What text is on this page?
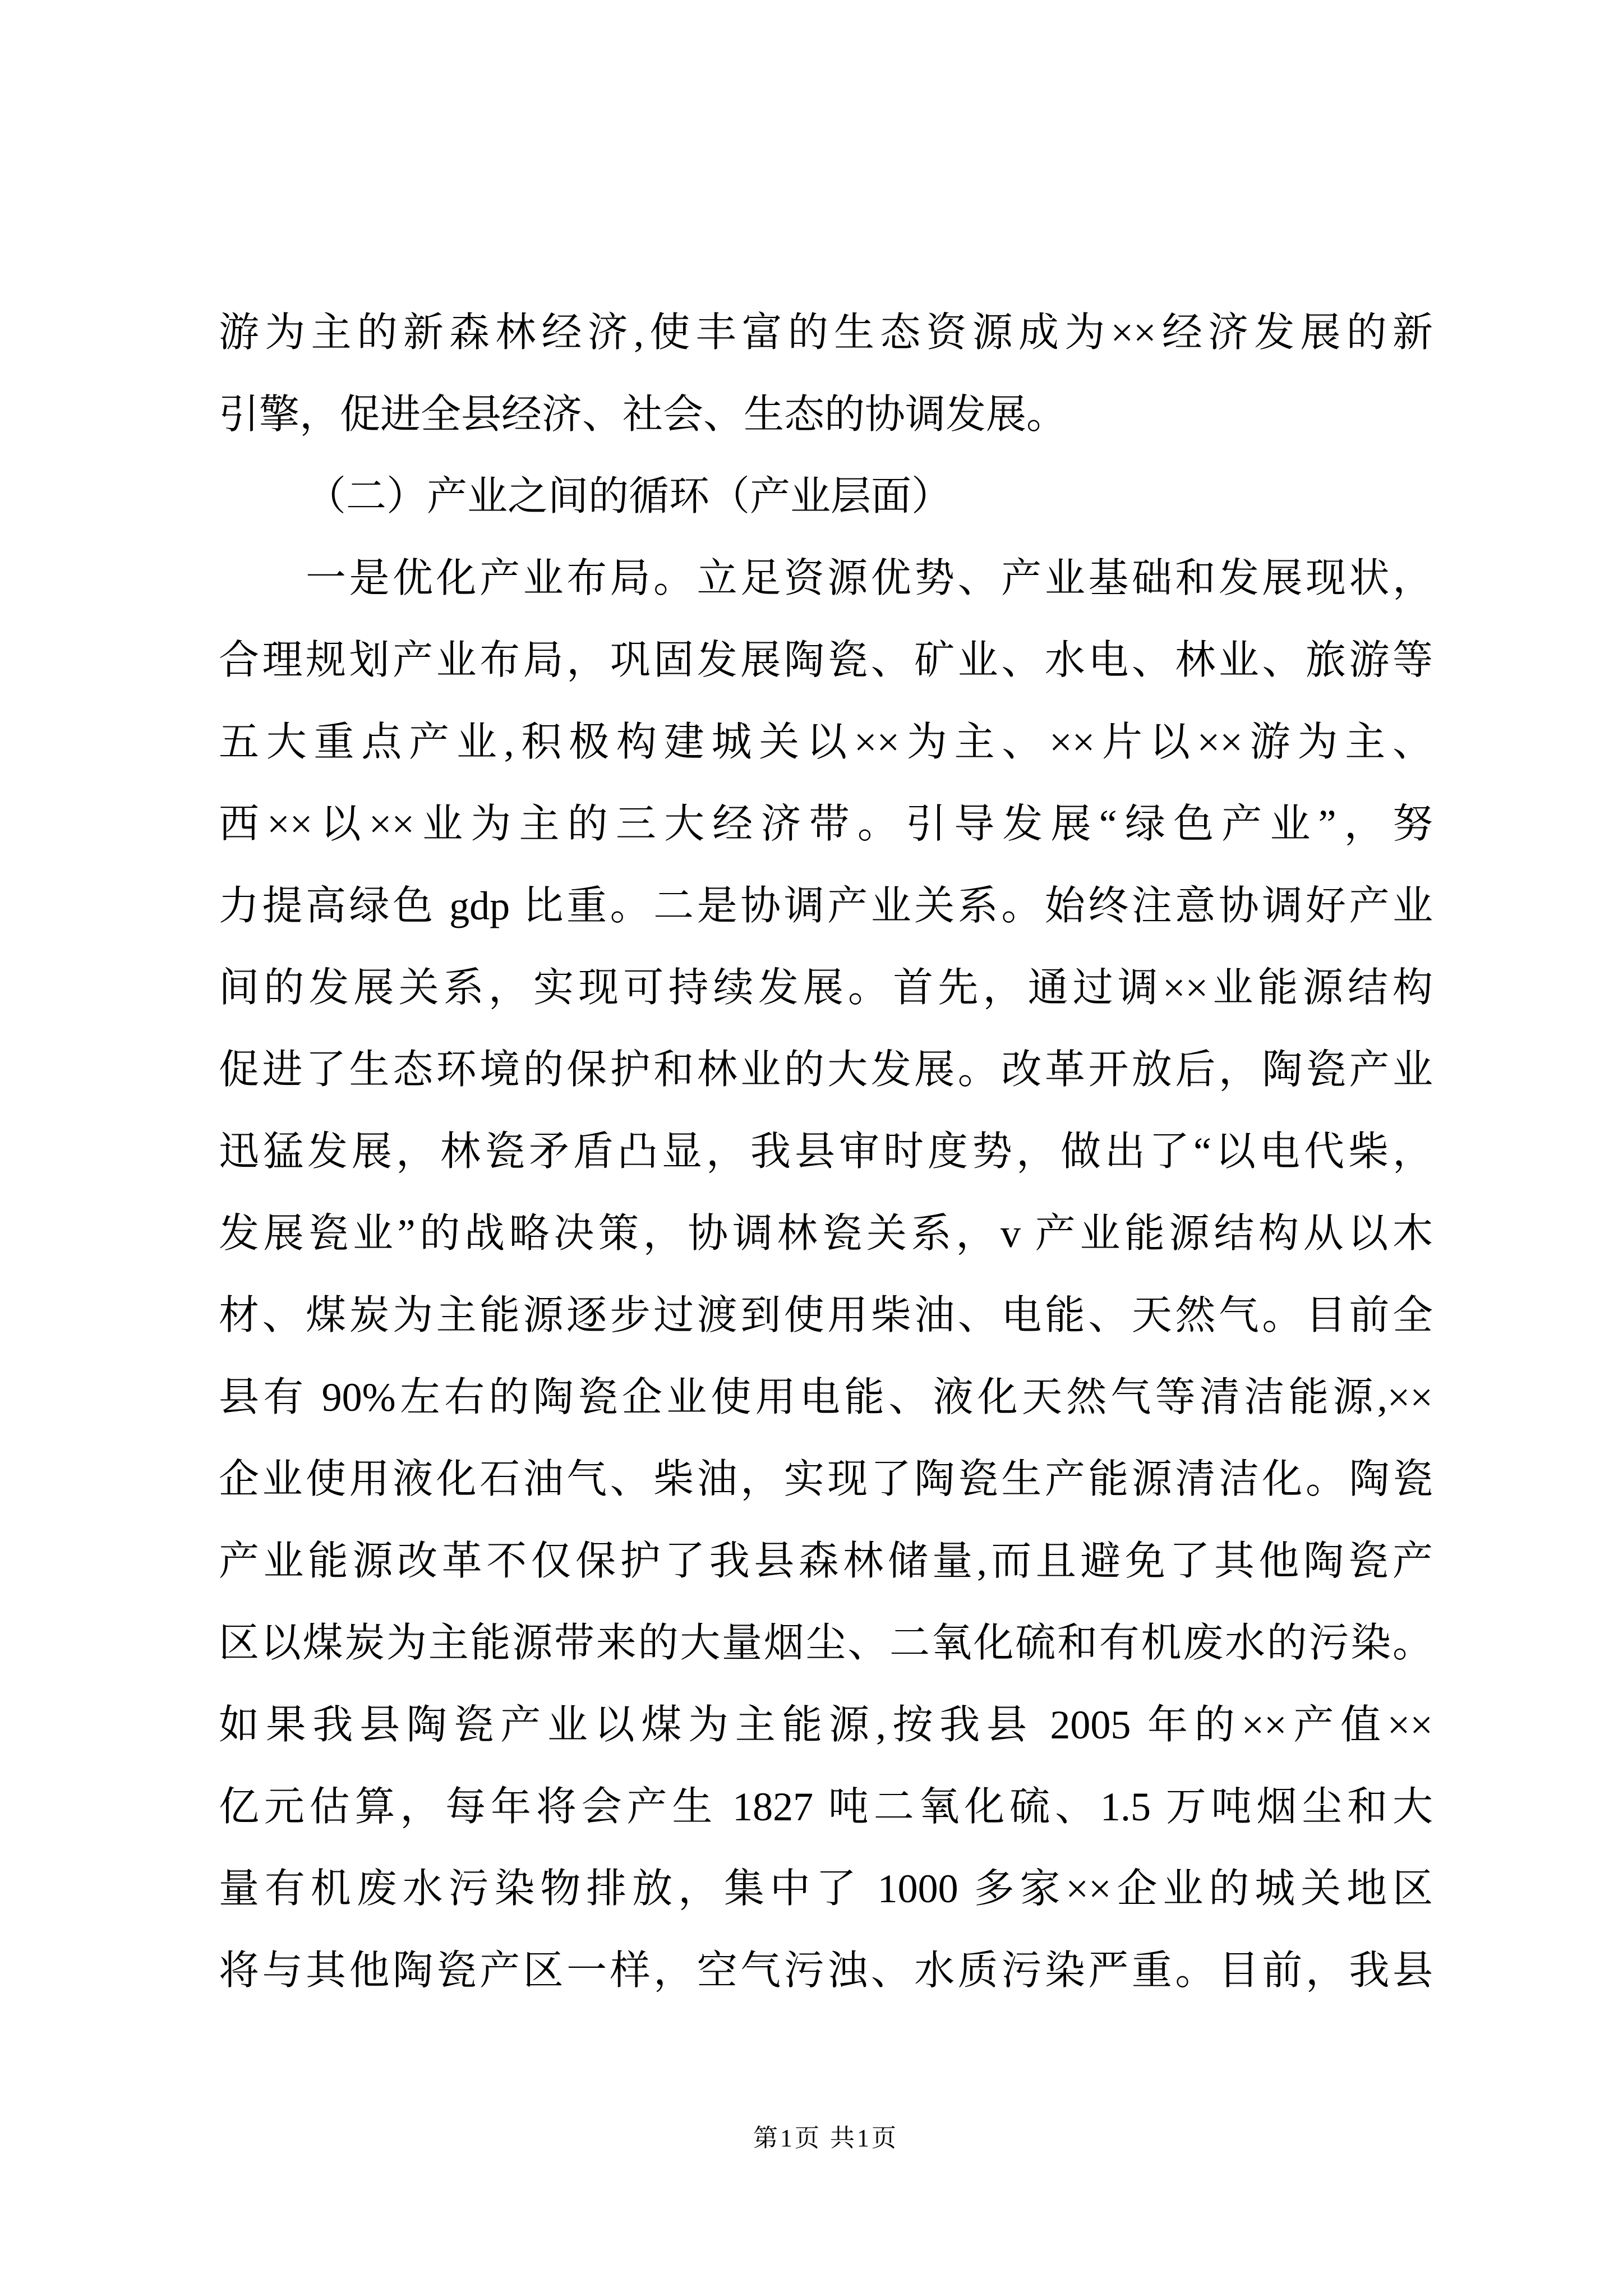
游为主的新森林经济,使丰富的生态资源成为××经济发展的新
引擎，促进全县经济、社会、生态的协调发展。
（二）产业之间的循环（产业层面）
一是优化产业布局。立足资源优势、产业基础和发展现状，
合理规划产业布局，巩固发展陶瓷、矿业、水电、林业、旅游等
五大重点产业,积极构建城关以××为主、××片以××游为主、
西××以××业为主的三大经济带。引导发展“绿色产业”，努
力提高绿色 gdp 比重。二是协调产业关系。始终注意协调好产业
间的发展关系，实现可持续发展。首先，通过调××业能源结构
促进了生态环境的保护和林业的大发展。改革开放后，陶瓷产业
迅猛发展，林瓷矛盾凸显，我县审时度势，做出了“以电代柴，
发展瓷业”的战略决策，协调林瓷关系，v 产业能源结构从以木
材、煤炭为主能源逐步过渡到使用柴油、电能、天然气。目前全
县有 90%左右的陶瓷企业使用电能、液化天然气等清洁能源,××
企业使用液化石油气、柴油，实现了陶瓷生产能源清洁化。陶瓷
产业能源改革不仅保护了我县森林储量,而且避免了其他陶瓷产
区以煤炭为主能源带来的大量烟尘、二氧化硫和有机废水的污染。
如果我县陶瓷产业以煤为主能源,按我县 2005 年的××产值××
亿元估算，每年将会产生 1827 吨二氧化硫、1.5 万吨烟尘和大
量有机废水污染物排放，集中了 1000 多家××企业的城关地区
将与其他陶瓷产区一样，空气污浊、水质污染严重。目前，我县
第1页 共1页
